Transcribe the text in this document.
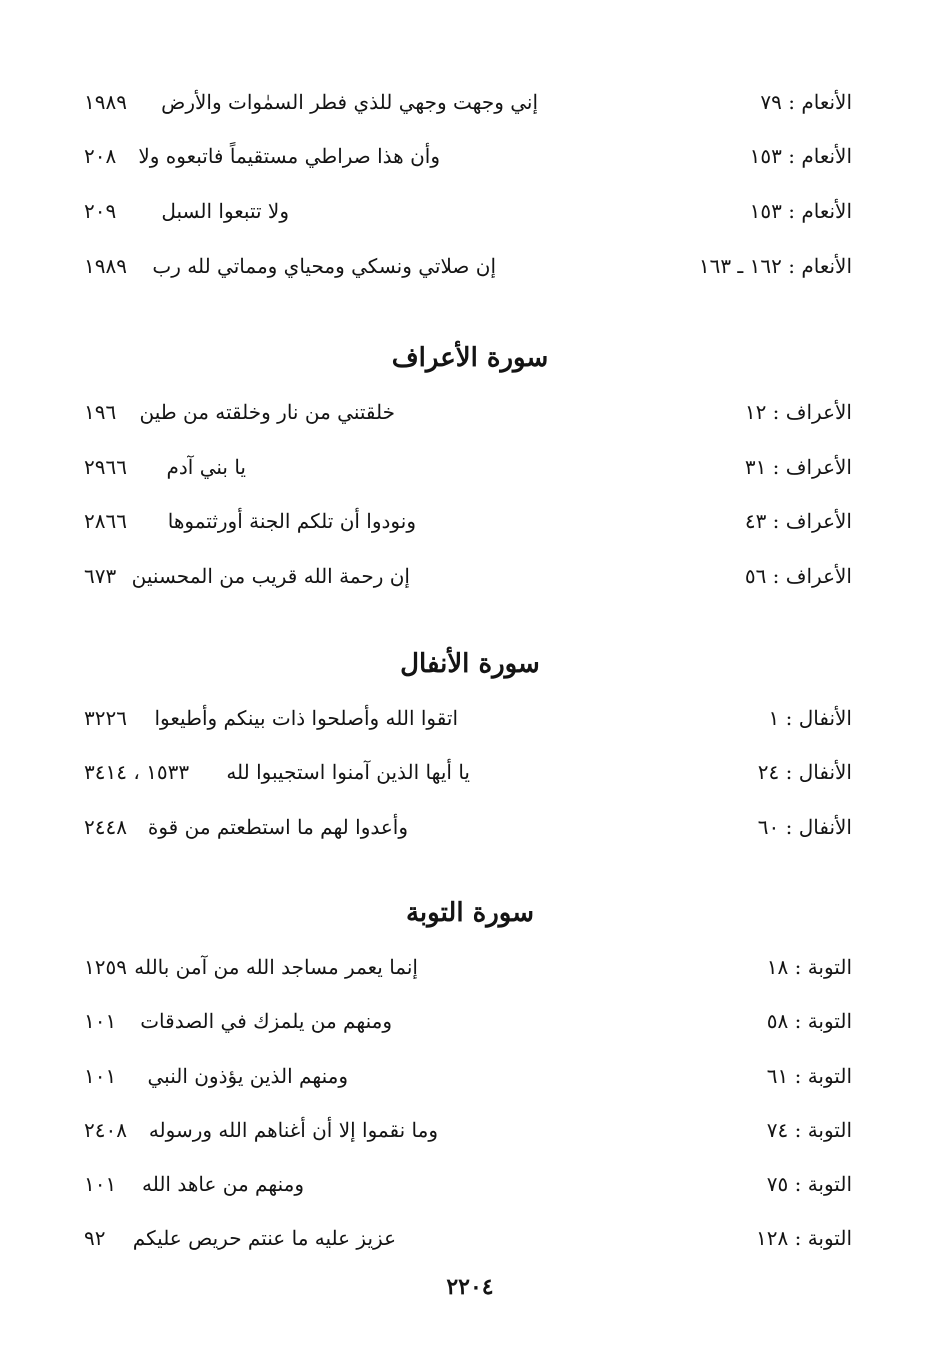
الأنعام : ٧٩
إني وجهت وجهي للذي فطر السمٰوات والأرض
١٩٨٩
الأنعام : ١٥٣
وأن هذا صراطي مستقيماً فاتبعوه ولا
٢٠٨
الأنعام : ١٥٣
ولا تتبعوا السبل
٢٠٩
الأنعام : ١٦٢ ـ ١٦٣
إن صلاتي ونسكي ومحياي ومماتي لله رب
١٩٨٩
سورة الأعراف
الأعراف : ١٢
خلقتني من نار وخلقته من طين
١٩٦
الأعراف : ٣١
يا بني آدم
٢٩٦٦
الأعراف : ٤٣
ونودوا أن تلكم الجنة أورثتموها
٢٨٦٦
الأعراف : ٥٦
إن رحمة الله قريب من المحسنين
٦٧٣
سورة الأنفال
الأنفال : ١
اتقوا الله وأصلحوا ذات بينكم وأطيعوا
٣٢٢٦
الأنفال : ٢٤
يا أيها الذين آمنوا استجيبوا لله
١٥٣٣ ، ٣٤١٤
الأنفال : ٦٠
وأعدوا لهم ما استطعتم من قوة
٢٤٤٨
سورة التوبة
التوبة : ١٨
إنما يعمر مساجد الله من آمن بالله
١٢٥٩
التوبة : ٥٨
ومنهم من يلمزك في الصدقات
١٠١
التوبة : ٦١
ومنهم الذين يؤذون النبي
١٠١
التوبة : ٧٤
وما نقموا إلا أن أغناهم الله ورسوله
٢٤٠٨
التوبة : ٧٥
ومنهم من عاهد الله
١٠١
التوبة : ١٢٨
عزيز عليه ما عنتم حريص عليكم
٩٢
٢٢٠٤
